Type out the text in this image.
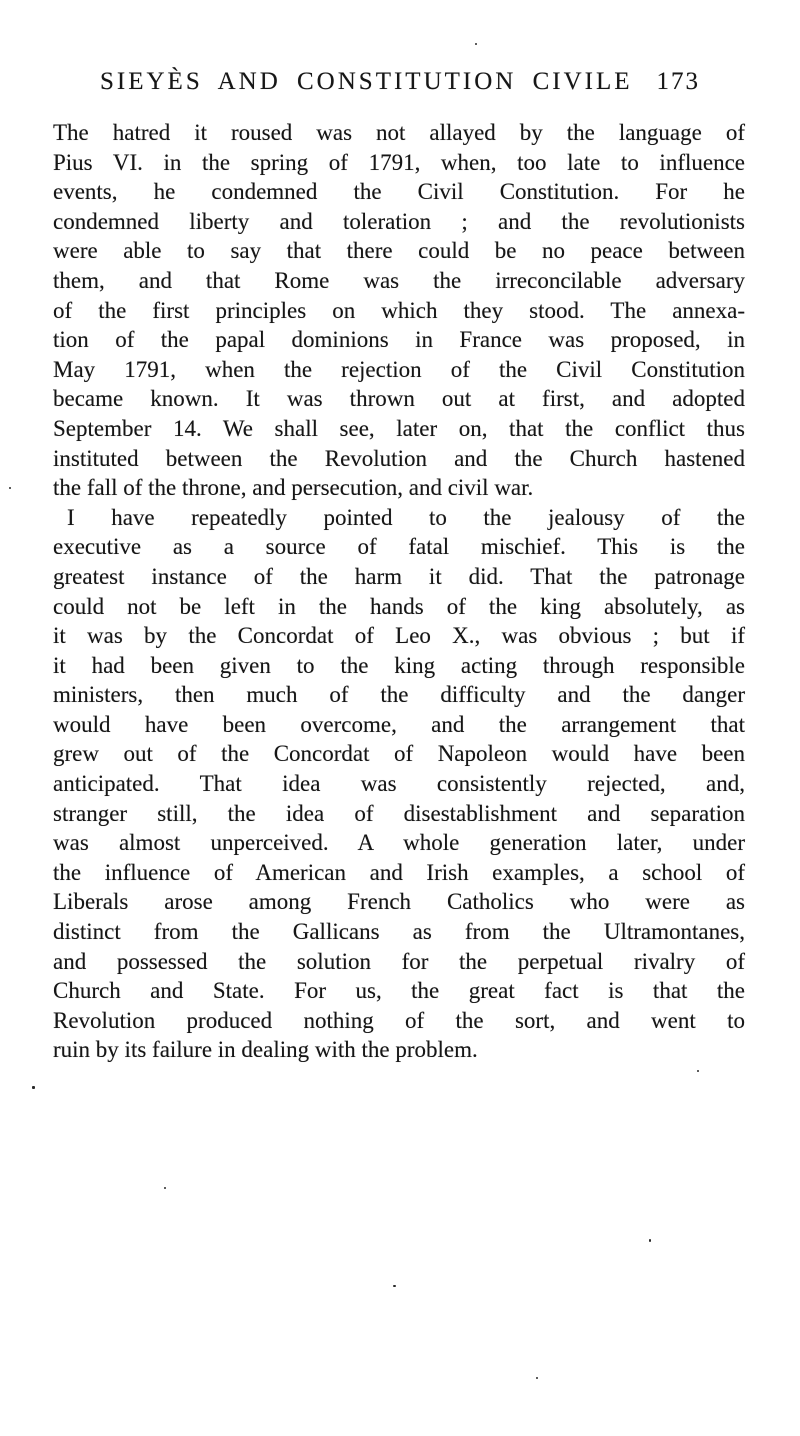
SIEYÈS AND CONSTITUTION CIVILE 173
The hatred it roused was not allayed by the language of
Pius VI. in the spring of 1791, when, too late to influence
events, he condemned the Civil Constitution. For he
condemned liberty and toleration ; and the revolutionists
were able to say that there could be no peace between
them, and that Rome was the irreconcilable adversary
of the first principles on which they stood. The annexa-
tion of the papal dominions in France was proposed, in
May 1791, when the rejection of the Civil Constitution
became known. It was thrown out at first, and adopted
September 14. We shall see, later on, that the conflict thus
instituted between the Revolution and the Church hastened
the fall of the throne, and persecution, and civil war.
I have repeatedly pointed to the jealousy of the
executive as a source of fatal mischief. This is the
greatest instance of the harm it did. That the patronage
could not be left in the hands of the king absolutely, as
it was by the Concordat of Leo X., was obvious ; but if
it had been given to the king acting through responsible
ministers, then much of the difficulty and the danger
would have been overcome, and the arrangement that
grew out of the Concordat of Napoleon would have been
anticipated. That idea was consistently rejected, and,
stranger still, the idea of disestablishment and separation
was almost unperceived. A whole generation later, under
the influence of American and Irish examples, a school of
Liberals arose among French Catholics who were as
distinct from the Gallicans as from the Ultramontanes,
and possessed the solution for the perpetual rivalry of
Church and State. For us, the great fact is that the
Revolution produced nothing of the sort, and went to
ruin by its failure in dealing with the problem.
